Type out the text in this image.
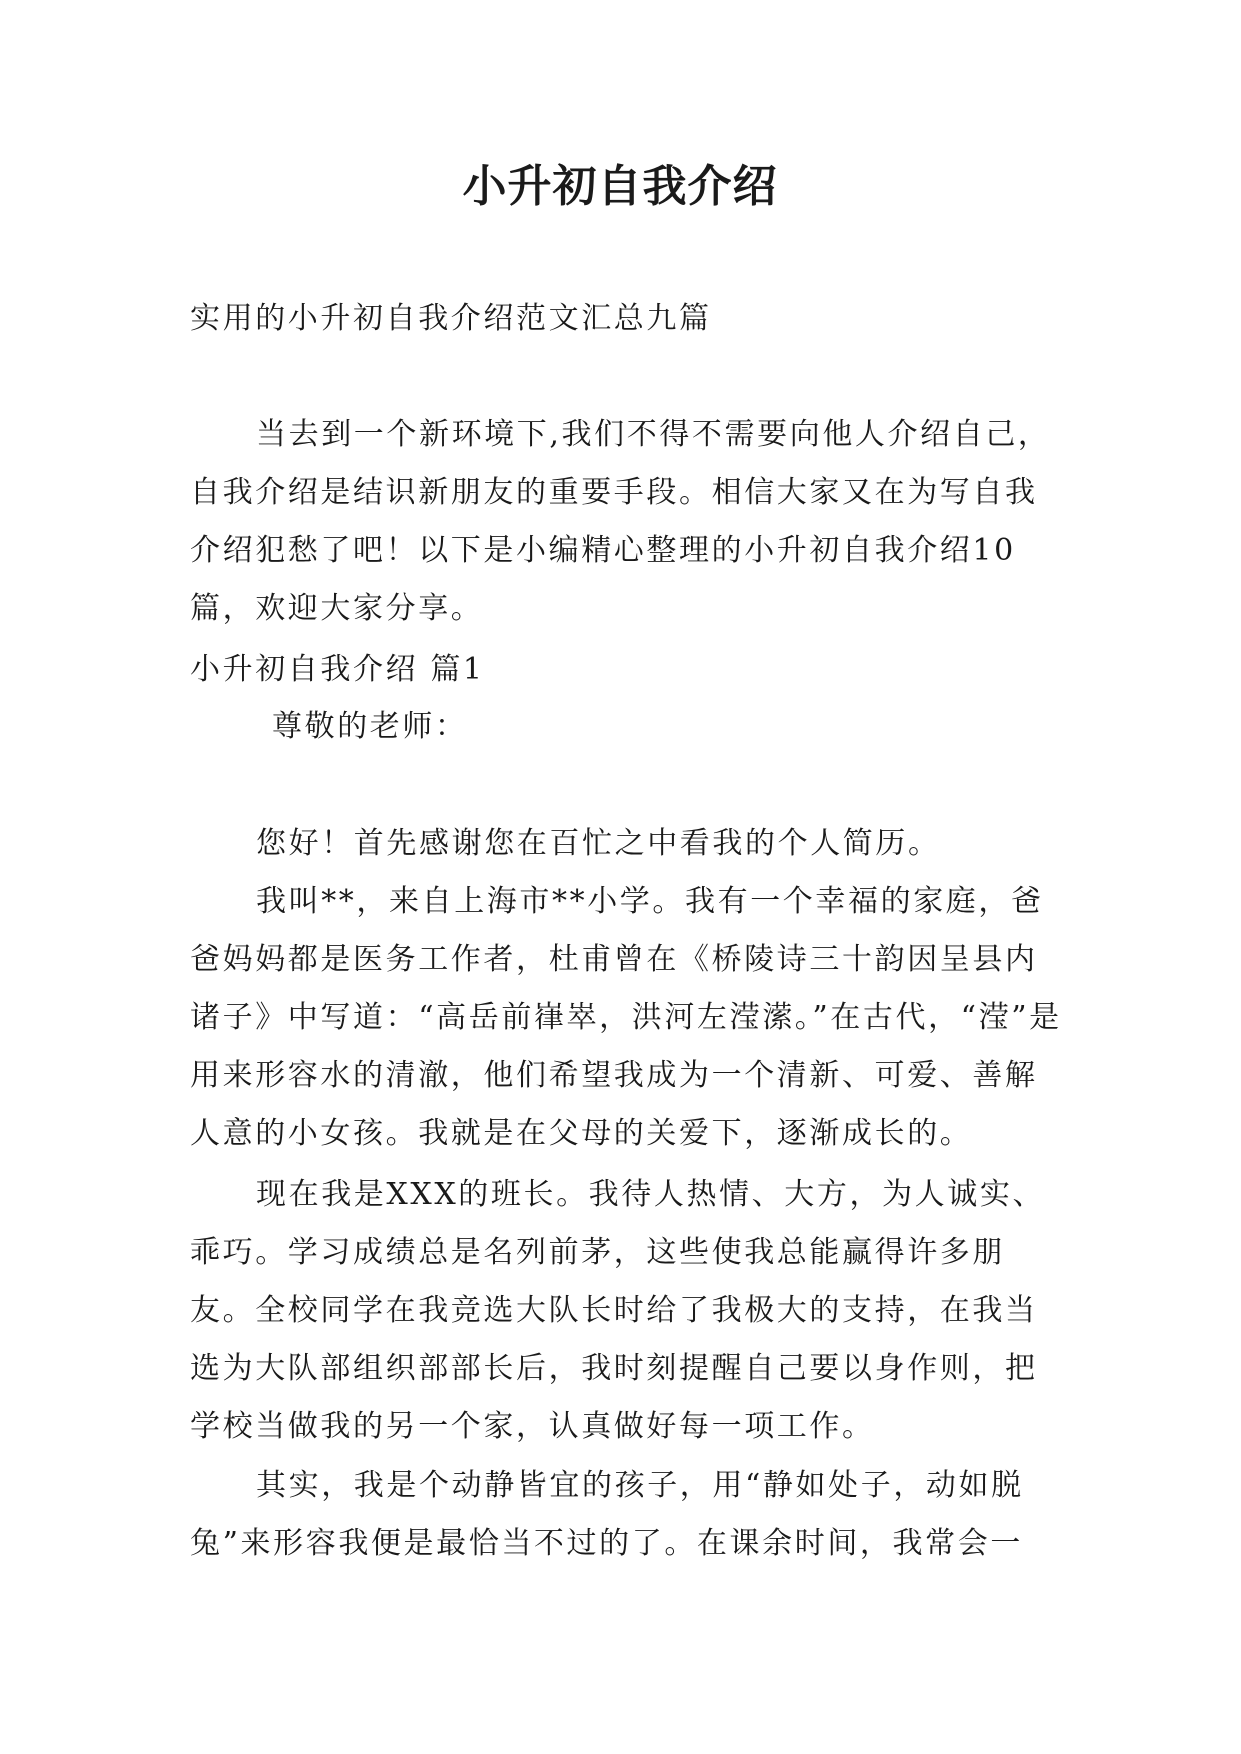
小升初自我介绍

实用的小升初自我介绍范文汇总九篇

当去到一个新环境下,我们不得不需要向他人介绍自己，自我介绍是结识新朋友的重要手段。相信大家又在为写自我介绍犯愁了吧！以下是小编精心整理的小升初自我介绍10篇，欢迎大家分享。

小升初自我介绍 篇1

尊敬的老师：

您好！首先感谢您在百忙之中看我的个人简历。

我叫**，来自上海市**小学。我有一个幸福的家庭，爸爸妈妈都是医务工作者，杜甫曾在《桥陵诗三十韵因呈县内诸子》中写道：“高岳前嵂崒，洪河左滢潆。”在古代，“滢”是用来形容水的清澈，他们希望我成为一个清新、可爱、善解人意的小女孩。我就是在父母的关爱下，逐渐成长的。

现在我是XXX的班长。我待人热情、大方，为人诚实、乖巧。学习成绩总是名列前茅，这些使我总能赢得许多朋友。全校同学在我竞选大队长时给了我极大的支持，在我当选为大队部组织部部长后，我时刻提醒自己要以身作则，把学校当做我的另一个家，认真做好每一项工作。

其实，我是个动静皆宜的孩子，用“静如处子，动如脱兔”来形容我便是最恰当不过的了。在课余时间，我常会一
